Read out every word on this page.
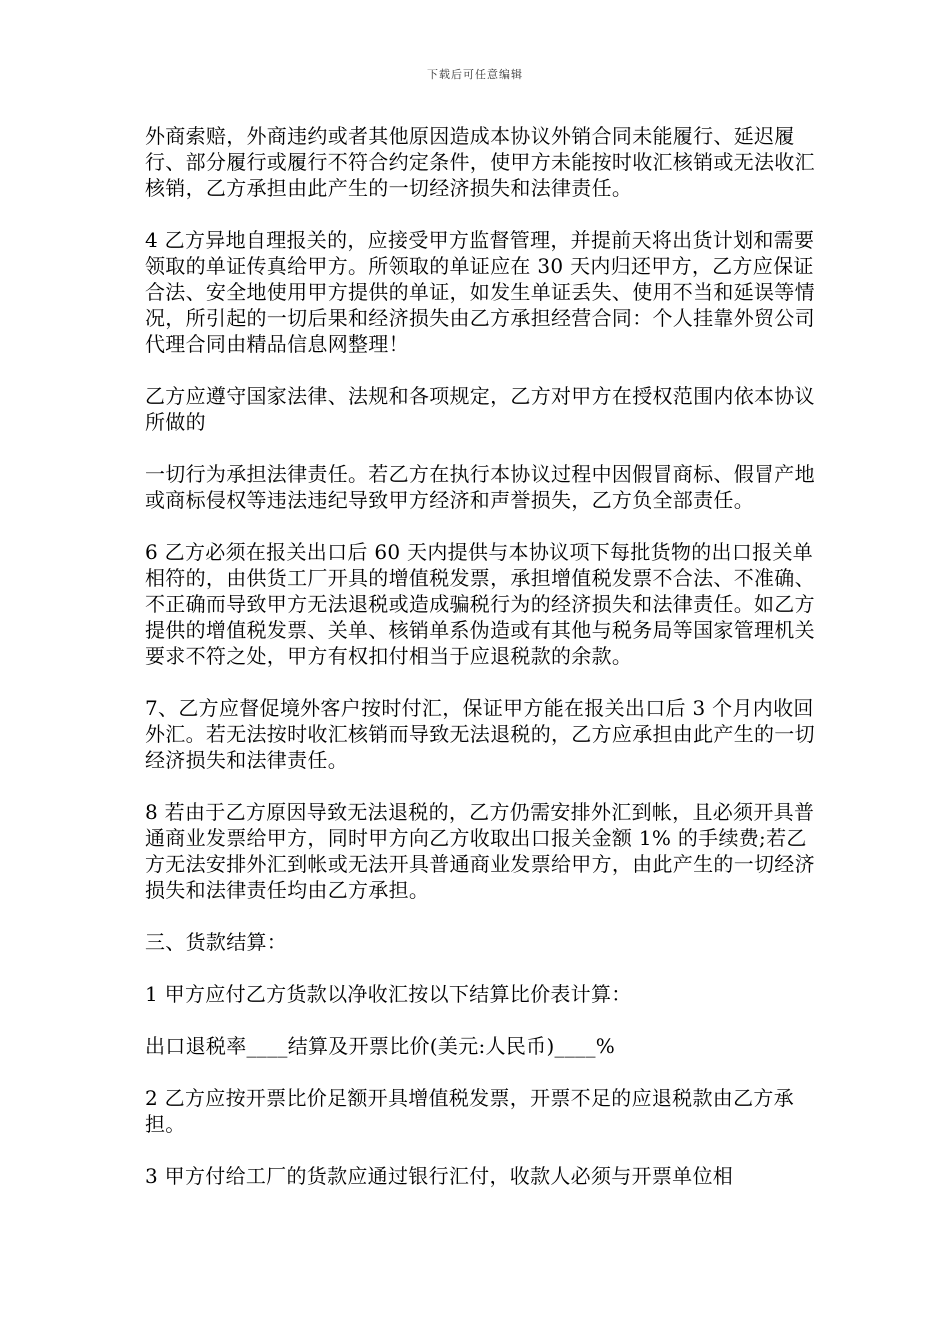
下载后可任意编辑

外商索赔，外商违约或者其他原因造成本协议外销合同未能履行、延迟履行、部分履行或履行不符合约定条件，使甲方未能按时收汇核销或无法收汇核销，乙方承担由此产生的一切经济损失和法律责任。

4 乙方异地自理报关的，应接受甲方监督管理，并提前天将出货计划和需要领取的单证传真给甲方。所领取的单证应在 30 天内归还甲方，乙方应保证合法、安全地使用甲方提供的单证，如发生单证丢失、使用不当和延误等情况，所引起的一切后果和经济损失由乙方承担经营合同：个人挂靠外贸公司代理合同由精品信息网整理！

乙方应遵守国家法律、法规和各项规定，乙方对甲方在授权范围内依本协议所做的

一切行为承担法律责任。若乙方在执行本协议过程中因假冒商标、假冒产地或商标侵权等违法违纪导致甲方经济和声誉损失，乙方负全部责任。

6 乙方必须在报关出口后 60 天内提供与本协议项下每批货物的出口报关单相符的，由供货工厂开具的增值税发票，承担增值税发票不合法、不准确、不正确而导致甲方无法退税或造成骗税行为的经济损失和法律责任。如乙方提供的增值税发票、关单、核销单系伪造或有其他与税务局等国家管理机关要求不符之处，甲方有权扣付相当于应退税款的余款。

7、乙方应督促境外客户按时付汇，保证甲方能在报关出口后 3 个月内收回外汇。若无法按时收汇核销而导致无法退税的，乙方应承担由此产生的一切经济损失和法律责任。

8 若由于乙方原因导致无法退税的，乙方仍需安排外汇到帐，且必须开具普通商业发票给甲方，同时甲方向乙方收取出口报关金额 1% 的手续费;若乙方无法安排外汇到帐或无法开具普通商业发票给甲方，由此产生的一切经济损失和法律责任均由乙方承担。

三、货款结算：

1 甲方应付乙方货款以净收汇按以下结算比价表计算：

出口退税率____结算及开票比价(美元:人民币)____%

2 乙方应按开票比价足额开具增值税发票，开票不足的应退税款由乙方承担。

3 甲方付给工厂的货款应通过银行汇付，收款人必须与开票单位相
